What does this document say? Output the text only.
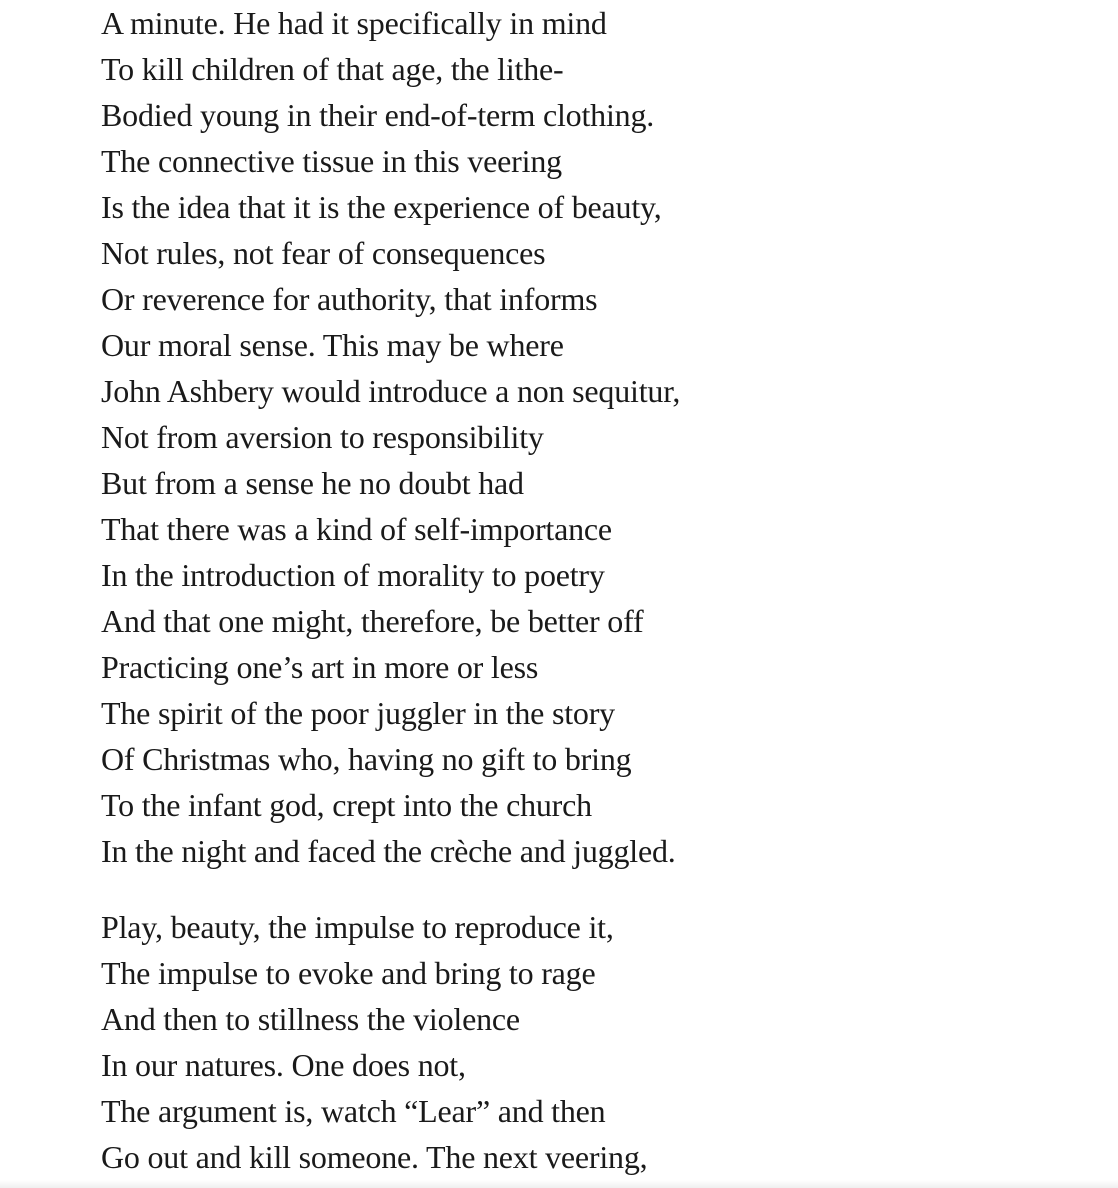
A minute. He had it specifically in mind
To kill children of that age, the lithe-
Bodied young in their end-of-term clothing.
The connective tissue in this veering
Is the idea that it is the experience of beauty,
Not rules, not fear of consequences
Or reverence for authority, that informs
Our moral sense. This may be where
John Ashbery would introduce a non sequitur,
Not from aversion to responsibility
But from a sense he no doubt had
That there was a kind of self-importance
In the introduction of morality to poetry
And that one might, therefore, be better off
Practicing one’s art in more or less
The spirit of the poor juggler in the story
Of Christmas who, having no gift to bring
To the infant god, crept into the church
In the night and faced the crèche and juggled.
Play, beauty, the impulse to reproduce it,
The impulse to evoke and bring to rage
And then to stillness the violence
In our natures. One does not,
The argument is, watch “Lear” and then
Go out and kill someone. The next veering,
